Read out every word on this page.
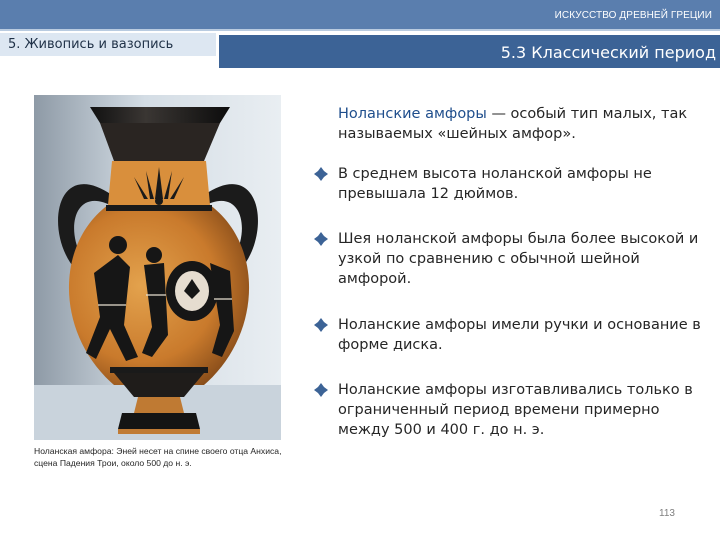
ИСКУССТВО ДРЕВНЕЙ ГРЕЦИИ
5. Живопись и вазопись	5.3 Классический период
Ноланская амфора: Эней несет на спине своего отца Анхиса, сцена Падения Трои, около 500 до н. э.
Ноланские амфоры — особый тип малых, так называемых «шейных амфор».
В среднем высота ноланской амфоры не превышала 12 дюймов.
Шея ноланской амфоры была более высокой и узкой по сравнению с обычной шейной амфорой.
Ноланские амфоры имели ручки и основание в форме диска.
Ноланские амфоры изготавливались только в ограниченный период времени примерно между 500 и 400 г. до н. э.
113
